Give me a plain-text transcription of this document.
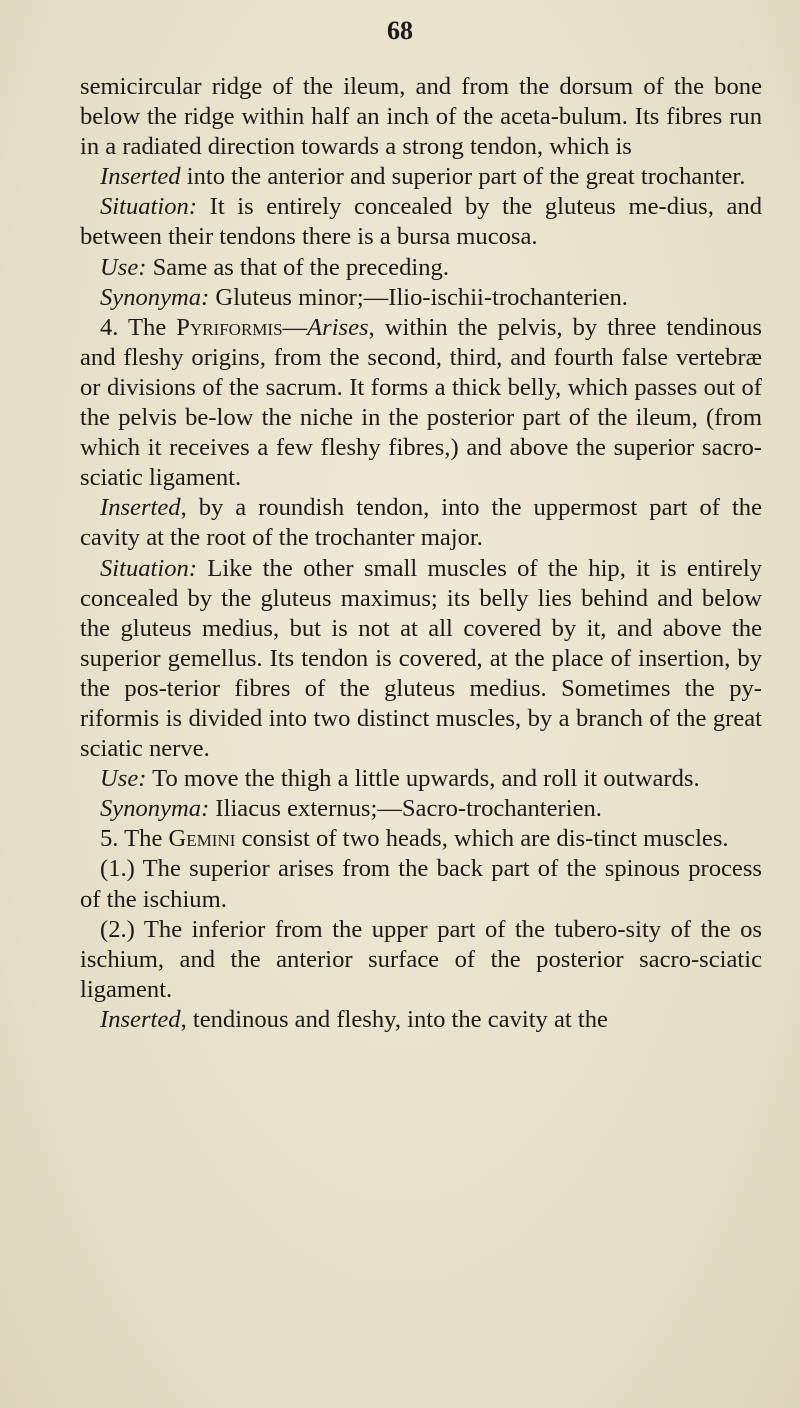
68

semicircular ridge of the ileum, and from the dorsum of the bone below the ridge within half an inch of the aceta-bulum. Its fibres run in a radiated direction towards a strong tendon, which is

Inserted into the anterior and superior part of the great trochanter.

Situation: It is entirely concealed by the gluteus me-dius, and between their tendons there is a bursa mucosa.

Use: Same as that of the preceding.

Synonyma: Gluteus minor;—Ilio-ischii-trochanterien.

4. The Pyriformis—Arises, within the pelvis, by three tendinous and fleshy origins, from the second, third, and fourth false vertebræ or divisions of the sacrum. It forms a thick belly, which passes out of the pelvis be-low the niche in the posterior part of the ileum, (from which it receives a few fleshy fibres,) and above the superior sacro-sciatic ligament.

Inserted, by a roundish tendon, into the uppermost part of the cavity at the root of the trochanter major.

Situation: Like the other small muscles of the hip, it is entirely concealed by the gluteus maximus; its belly lies behind and below the gluteus medius, but is not at all covered by it, and above the superior gemellus. Its tendon is covered, at the place of insertion, by the pos-terior fibres of the gluteus medius. Sometimes the py-riformis is divided into two distinct muscles, by a branch of the great sciatic nerve.

Use: To move the thigh a little upwards, and roll it outwards.

Synonyma: Iliacus externus;—Sacro-trochanterien.

5. The Gemini consist of two heads, which are dis-tinct muscles.

(1.) The superior arises from the back part of the spinous process of the ischium.

(2.) The inferior from the upper part of the tubero-sity of the os ischium, and the anterior surface of the posterior sacro-sciatic ligament.

Inserted, tendinous and fleshy, into the cavity at the
